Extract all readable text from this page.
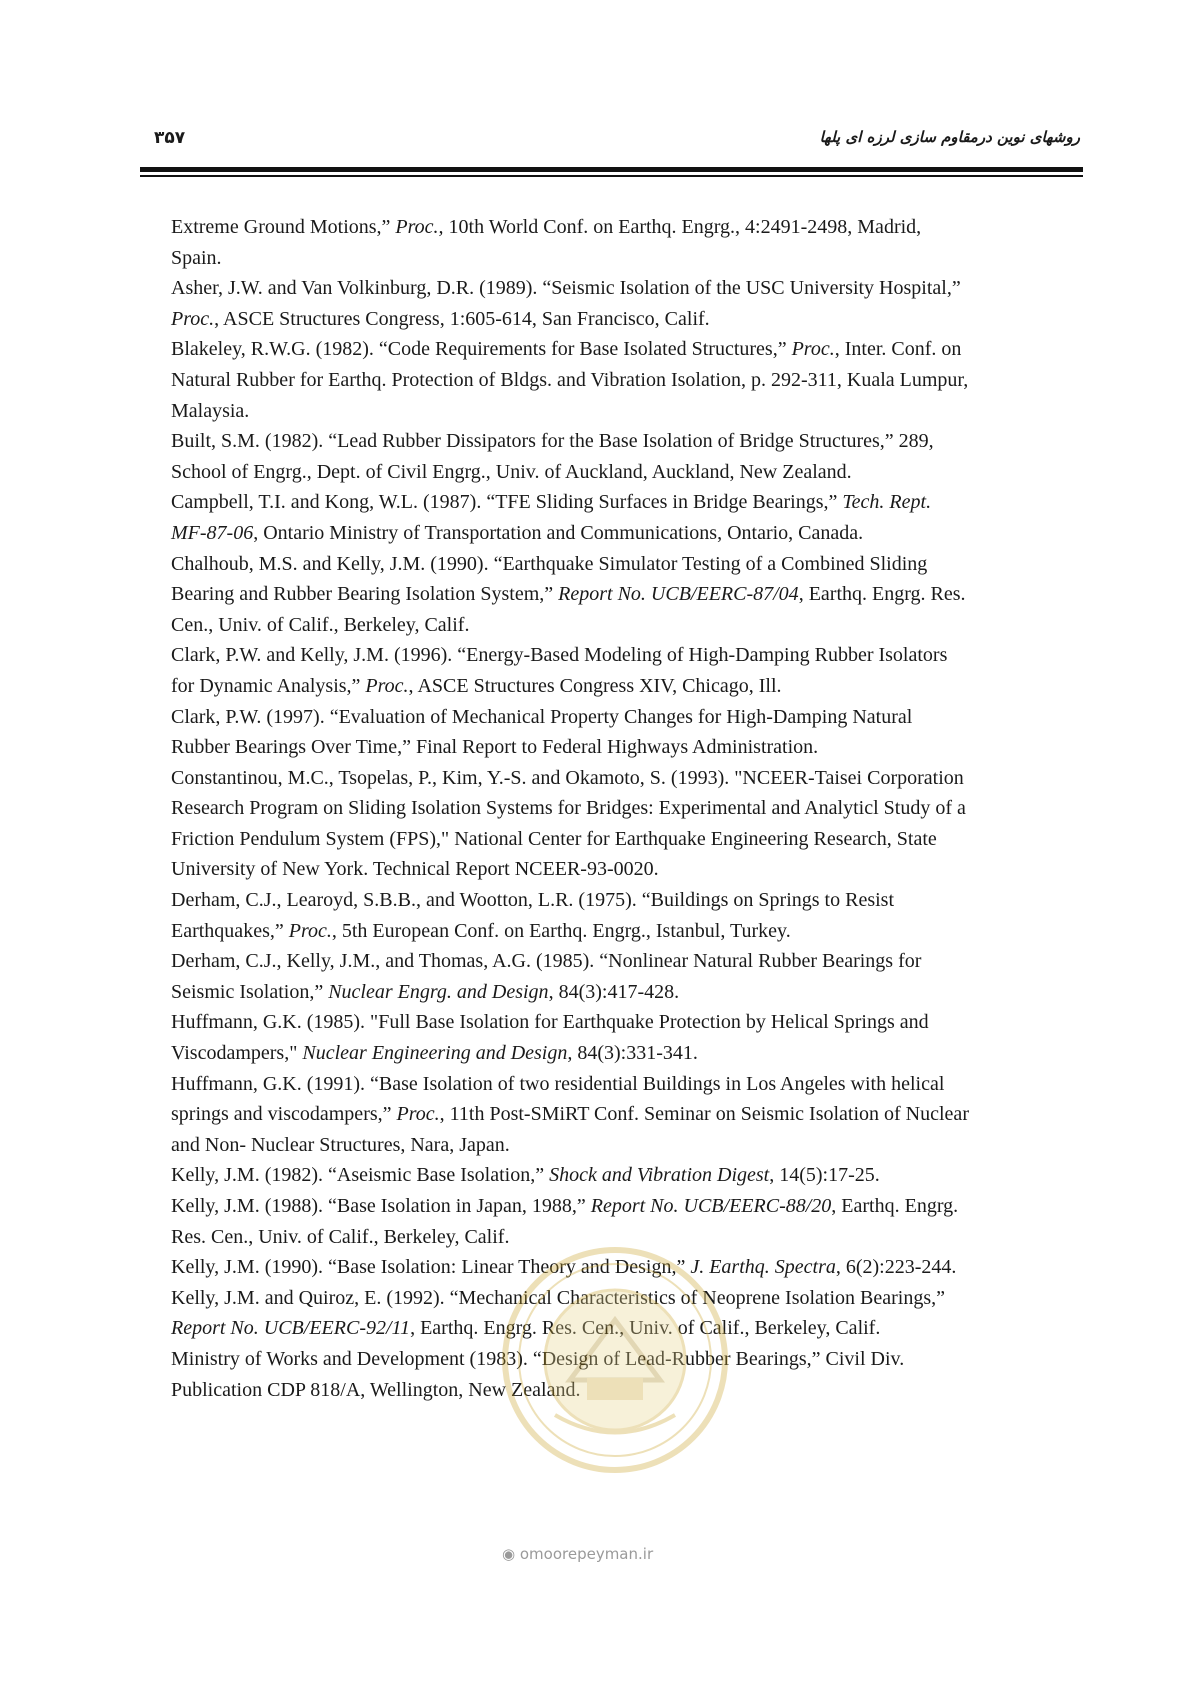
۳۵۷	روشهای نوین درمقاوم سازی لرزه ای پلها

Extreme Ground Motions,” Proc., 10th World Conf. on Earthq. Engrg., 4:2491-2498, Madrid, Spain.

Asher, J.W. and Van Volkinburg, D.R. (1989). “Seismic Isolation of the USC University Hospital,” Proc., ASCE Structures Congress, 1:605-614, San Francisco, Calif.

Blakeley, R.W.G. (1982). “Code Requirements for Base Isolated Structures,” Proc., Inter. Conf. on Natural Rubber for Earthq. Protection of Bldgs. and Vibration Isolation, p. 292-311, Kuala Lumpur, Malaysia.

Built, S.M. (1982). “Lead Rubber Dissipators for the Base Isolation of Bridge Structures,” 289, School of Engrg., Dept. of Civil Engrg., Univ. of Auckland, Auckland, New Zealand.

Campbell, T.I. and Kong, W.L. (1987). “TFE Sliding Surfaces in Bridge Bearings,” Tech. Rept. MF-87-06, Ontario Ministry of Transportation and Communications, Ontario, Canada.

Chalhoub, M.S. and Kelly, J.M. (1990). “Earthquake Simulator Testing of a Combined Sliding Bearing and Rubber Bearing Isolation System,” Report No. UCB/EERC-87/04, Earthq. Engrg. Res. Cen., Univ. of Calif., Berkeley, Calif.

Clark, P.W. and Kelly, J.M. (1996). “Energy-Based Modeling of High-Damping Rubber Isolators for Dynamic Analysis,” Proc., ASCE Structures Congress XIV, Chicago, Ill.

Clark, P.W. (1997). “Evaluation of Mechanical Property Changes for High-Damping Natural Rubber Bearings Over Time,” Final Report to Federal Highways Administration.

Constantinou, M.C., Tsopelas, P., Kim, Y.-S. and Okamoto, S. (1993). "NCEER-Taisei Corporation Research Program on Sliding Isolation Systems for Bridges: Experimental and Analyticl Study of a Friction Pendulum System (FPS)," National Center for Earthquake Engineering Research, State University of New York. Technical Report NCEER-93-0020.

Derham, C.J., Learoyd, S.B.B., and Wootton, L.R. (1975). “Buildings on Springs to Resist Earthquakes,” Proc., 5th European Conf. on Earthq. Engrg., Istanbul, Turkey.

Derham, C.J., Kelly, J.M., and Thomas, A.G. (1985). “Nonlinear Natural Rubber Bearings for Seismic Isolation,” Nuclear Engrg. and Design, 84(3):417-428.

Huffmann, G.K. (1985). "Full Base Isolation for Earthquake Protection by Helical Springs and Viscodampers," Nuclear Engineering and Design, 84(3):331-341.

Huffmann, G.K. (1991). “Base Isolation of two residential Buildings in Los Angeles with helical springs and viscodampers,” Proc., 11th Post-SMiRT Conf. Seminar on Seismic Isolation of Nuclear and Non- Nuclear Structures, Nara, Japan.

Kelly, J.M. (1982). “Aseismic Base Isolation,” Shock and Vibration Digest, 14(5):17-25.

Kelly, J.M. (1988). “Base Isolation in Japan, 1988,” Report No. UCB/EERC-88/20, Earthq. Engrg. Res. Cen., Univ. of Calif., Berkeley, Calif.

Kelly, J.M. (1990). “Base Isolation: Linear Theory and Design,” J. Earthq. Spectra, 6(2):223-244.

Kelly, J.M. and Quiroz, E. (1992). “Mechanical Characteristics of Neoprene Isolation Bearings,” Report No. UCB/EERC-92/11, Earthq. Engrg. Res. Cen., Univ. of Calif., Berkeley, Calif.

Ministry of Works and Development (1983). “Design of Lead-Rubber Bearings,” Civil Div. Publication CDP 818/A, Wellington, New Zealand.

◉ omoorepeyman.ir
